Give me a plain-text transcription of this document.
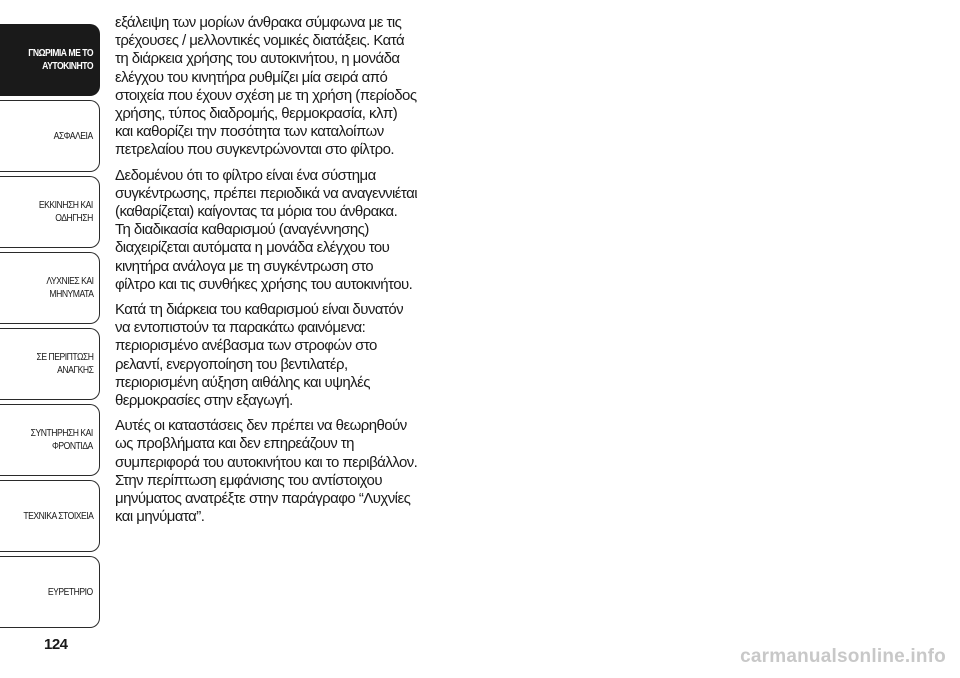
ΓΝΩΡΙΜΙΑ ΜΕ ΤΟ
ΑΥΤΟΚΙΝΗΤΟ
ΑΣΦΑΛΕΙΑ
ΕΚΚΙΝΗΣΗ ΚΑΙ
ΟΔΗΓΗΣΗ
ΛΥΧΝΙΕΣ ΚΑΙ
ΜΗΝΥΜΑΤΑ
ΣΕ ΠΕΡΙΠΤΩΣΗ
ΑΝΑΓΚΗΣ
ΣΥΝΤΗΡΗΣΗ ΚΑΙ
ΦΡΟΝΤΙΔΑ
ΤΕΧΝΙΚΑ ΣΤΟΙΧΕΙΑ
ΕΥΡΕΤΗΡΙΟ
124

εξάλειψη των μορίων άνθρακα σύμφωνα με τις
τρέχουσες / μελλοντικές νομικές διατάξεις. Κατά
τη διάρκεια χρήσης του αυτοκινήτου, η μονάδα
ελέγχου του κινητήρα ρυθμίζει μία σειρά από
στοιχεία που έχουν σχέση με τη χρήση (περίοδος
χρήσης, τύπος διαδρομής, θερμοκρασία, κλπ)
και καθορίζει την ποσότητα των καταλοίπων
πετρελαίου που συγκεντρώνονται στο φίλτρο.

Δεδομένου ότι το φίλτρο είναι ένα σύστημα
συγκέντρωσης, πρέπει περιοδικά να αναγεννιέται
(καθαρίζεται) καίγοντας τα μόρια του άνθρακα.
Τη διαδικασία καθαρισμού (αναγέννησης)
διαχειρίζεται αυτόματα η μονάδα ελέγχου του
κινητήρα ανάλογα με τη συγκέντρωση στο
φίλτρο και τις συνθήκες χρήσης του αυτοκινήτου.

Κατά τη διάρκεια του καθαρισμού είναι δυνατόν
να εντοπιστούν τα παρακάτω φαινόμενα:
περιορισμένο ανέβασμα των στροφών στο
ρελαντί, ενεργοποίηση του βεντιλατέρ,
περιορισμένη αύξηση αιθάλης και υψηλές
θερμοκρασίες στην εξαγωγή.

Αυτές οι καταστάσεις δεν πρέπει να θεωρηθούν
ως προβλήματα και δεν επηρεάζουν τη
συμπεριφορά του αυτοκινήτου και το περιβάλλον.
Στην περίπτωση εμφάνισης του αντίστοιχου
μηνύματος ανατρέξτε στην παράγραφο “Λυχνίες
και μηνύματα”.

carmanualsonline.info
